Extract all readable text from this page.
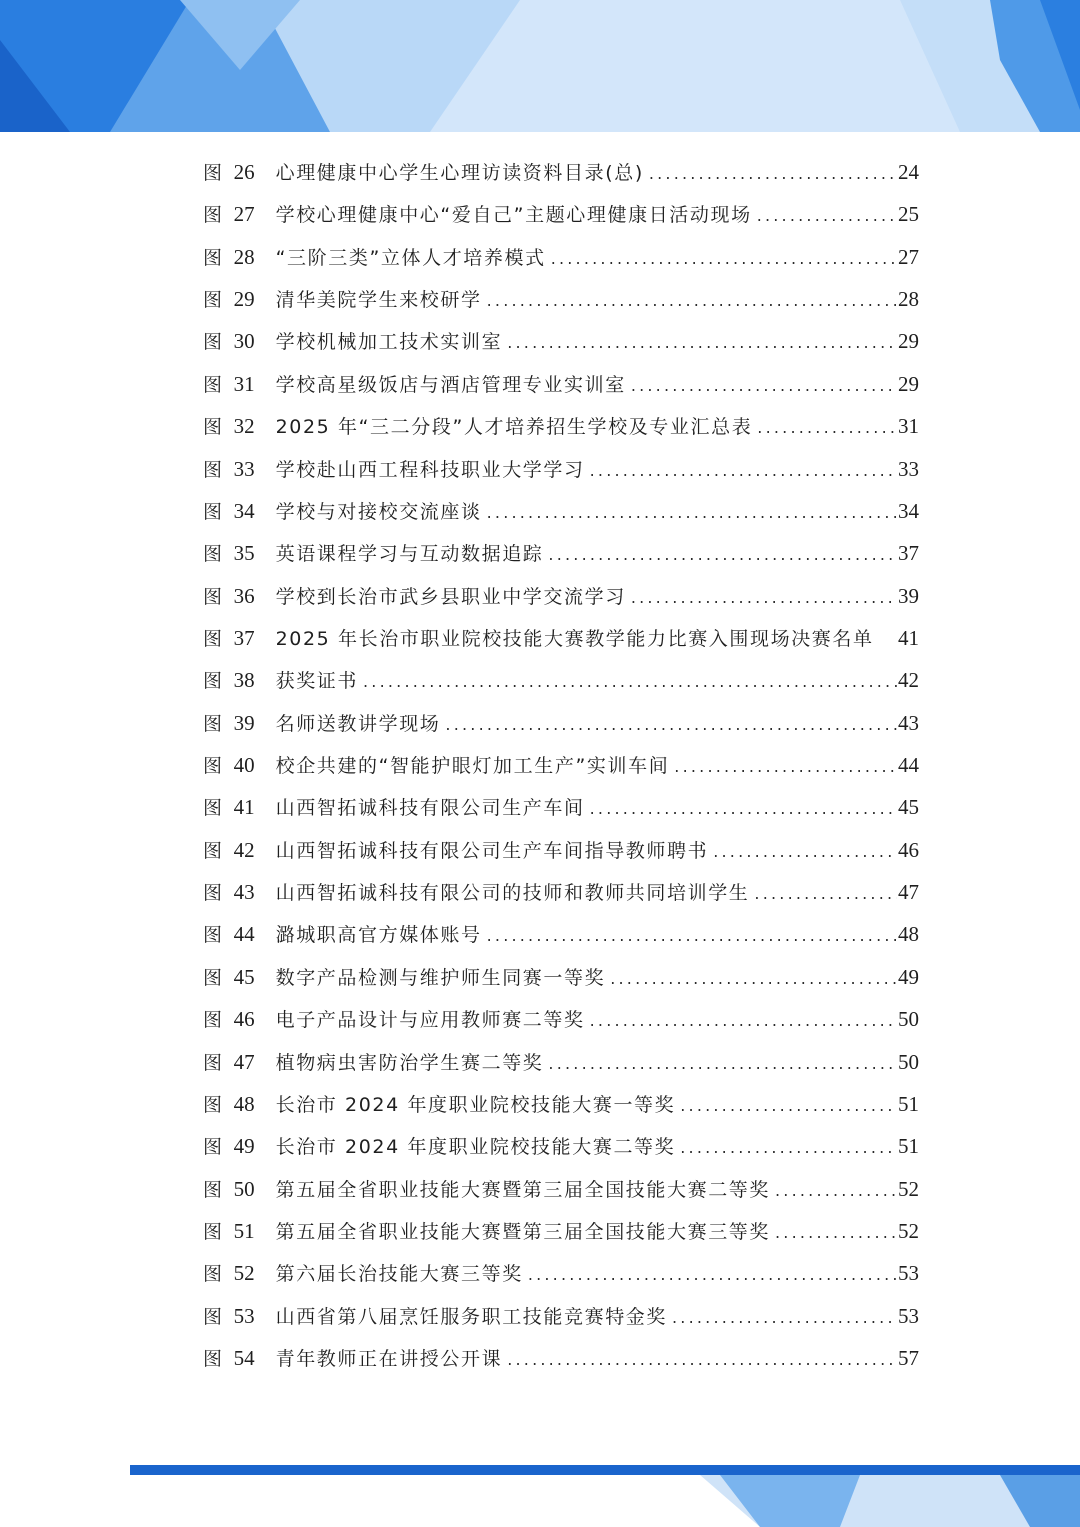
图 26	心理健康中心学生心理访读资料目录(总) .....	24
图 27	学校心理健康中心“爱自己”主题心理健康日活动现场 .....	25
图 28	“三阶三类”立体人才培养模式 .....	27
图 29	清华美院学生来校研学 .....	28
图 30	学校机械加工技术实训室 .....	29
图 31	学校高星级饭店与酒店管理专业实训室 .....	29
图 32	2025 年“三二分段”人才培养招生学校及专业汇总表 .....	31
图 33	学校赴山西工程科技职业大学学习 .....	33
图 34	学校与对接校交流座谈 .....	34
图 35	英语课程学习与互动数据追踪 .....	37
图 36	学校到长治市武乡县职业中学交流学习 .....	39
图 37	2025 年长治市职业院校技能大赛教学能力比赛入围现场决赛名单	41
图 38	获奖证书 .....	42
图 39	名师送教讲学现场 .....	43
图 40	校企共建的“智能护眼灯加工生产”实训车间 .....	44
图 41	山西智拓诚科技有限公司生产车间 .....	45
图 42	山西智拓诚科技有限公司生产车间指导教师聘书 .....	46
图 43	山西智拓诚科技有限公司的技师和教师共同培训学生 .....	47
图 44	潞城职高官方媒体账号 .....	48
图 45	数字产品检测与维护师生同赛一等奖 .....	49
图 46	电子产品设计与应用教师赛二等奖 .....	50
图 47	植物病虫害防治学生赛二等奖 .....	50
图 48	长治市 2024 年度职业院校技能大赛一等奖 .....	51
图 49	长治市 2024 年度职业院校技能大赛二等奖 .....	51
图 50	第五届全省职业技能大赛暨第三届全国技能大赛二等奖 .....	52
图 51	第五届全省职业技能大赛暨第三届全国技能大赛三等奖 .....	52
图 52	第六届长治技能大赛三等奖 .....	53
图 53	山西省第八届烹饪服务职工技能竞赛特金奖 .....	53
图 54	青年教师正在讲授公开课 .....	57
